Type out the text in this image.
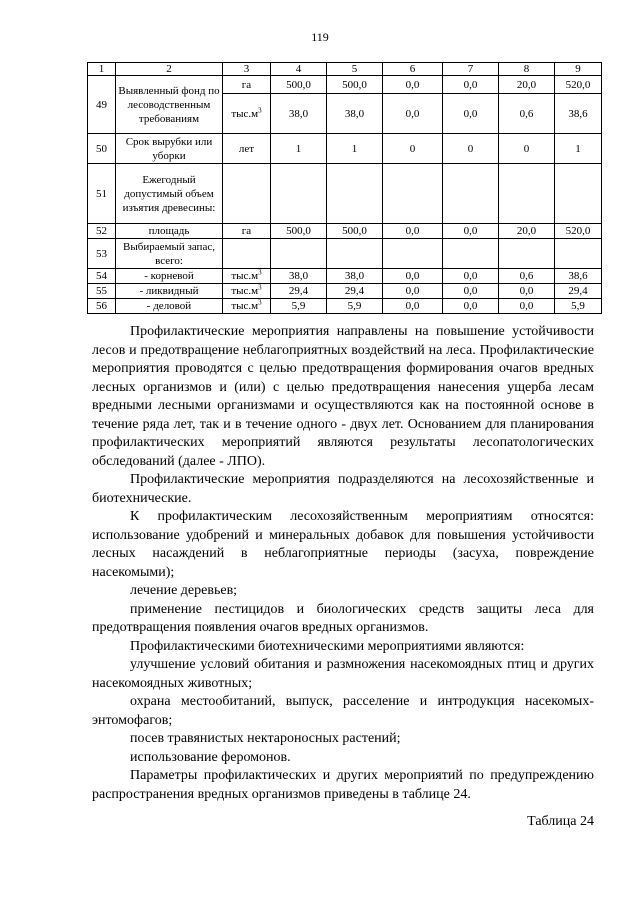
119
1	2	3	4	5	6	7	8	9
49	Выявленный фонд по лесоводственным требованиям	га	500,0	500,0	0,0	0,0	20,0	520,0
		$тыс.м^3$	38,0	38,0	0,0	0,0	0,6	38,6
50	Срок вырубки или уборки	лет	1	1	0	0	0	1
51	Ежегодный допустимый объем изъятия древесины:							
52	площадь	га	500,0	500,0	0,0	0,0	20,0	520,0
53	Выбираемый запас, всего:							
54	- корневой	$тыс.м^3$	38,0	38,0	0,0	0,0	0,6	38,6
55	- ликвидный	$тыс.м^3$	29,4	29,4	0,0	0,0	0,0	29,4
56	- деловой	$тыс.м^3$	5,9	5,9	0,0	0,0	0,0	5,9

Профилактические мероприятия направлены на повышение устойчивости лесов и предотвращение неблагоприятных воздействий на леса. Профилактические мероприятия проводятся с целью предотвращения формирования очагов вредных лесных организмов и (или) с целью предотвращения нанесения ущерба лесам вредными лесными организмами и осуществляются как на постоянной основе в течение ряда лет, так и в течение одного - двух лет. Основанием для планирования профилактических мероприятий являются результаты лесопатологических обследований (далее - ЛПО).

Профилактические мероприятия подразделяются на лесохозяйственные и биотехнические.

К профилактическим лесохозяйственным мероприятиям относятся: использование удобрений и минеральных добавок для повышения устойчивости лесных насаждений в неблагоприятные периоды (засуха, повреждение насекомыми);

лечение деревьев;

применение пестицидов и биологических средств защиты леса для предотвращения появления очагов вредных организмов.

Профилактическими биотехническими мероприятиями являются:

улучшение условий обитания и размножения насекомоядных птиц и других насекомоядных животных;

охрана местообитаний, выпуск, расселение и интродукция насекомых-энтомофагов;

посев травянистых нектароносных растений;

использование феромонов.

Параметры профилактических и других мероприятий по предупреждению распространения вредных организмов приведены в таблице 24.

Таблица 24
